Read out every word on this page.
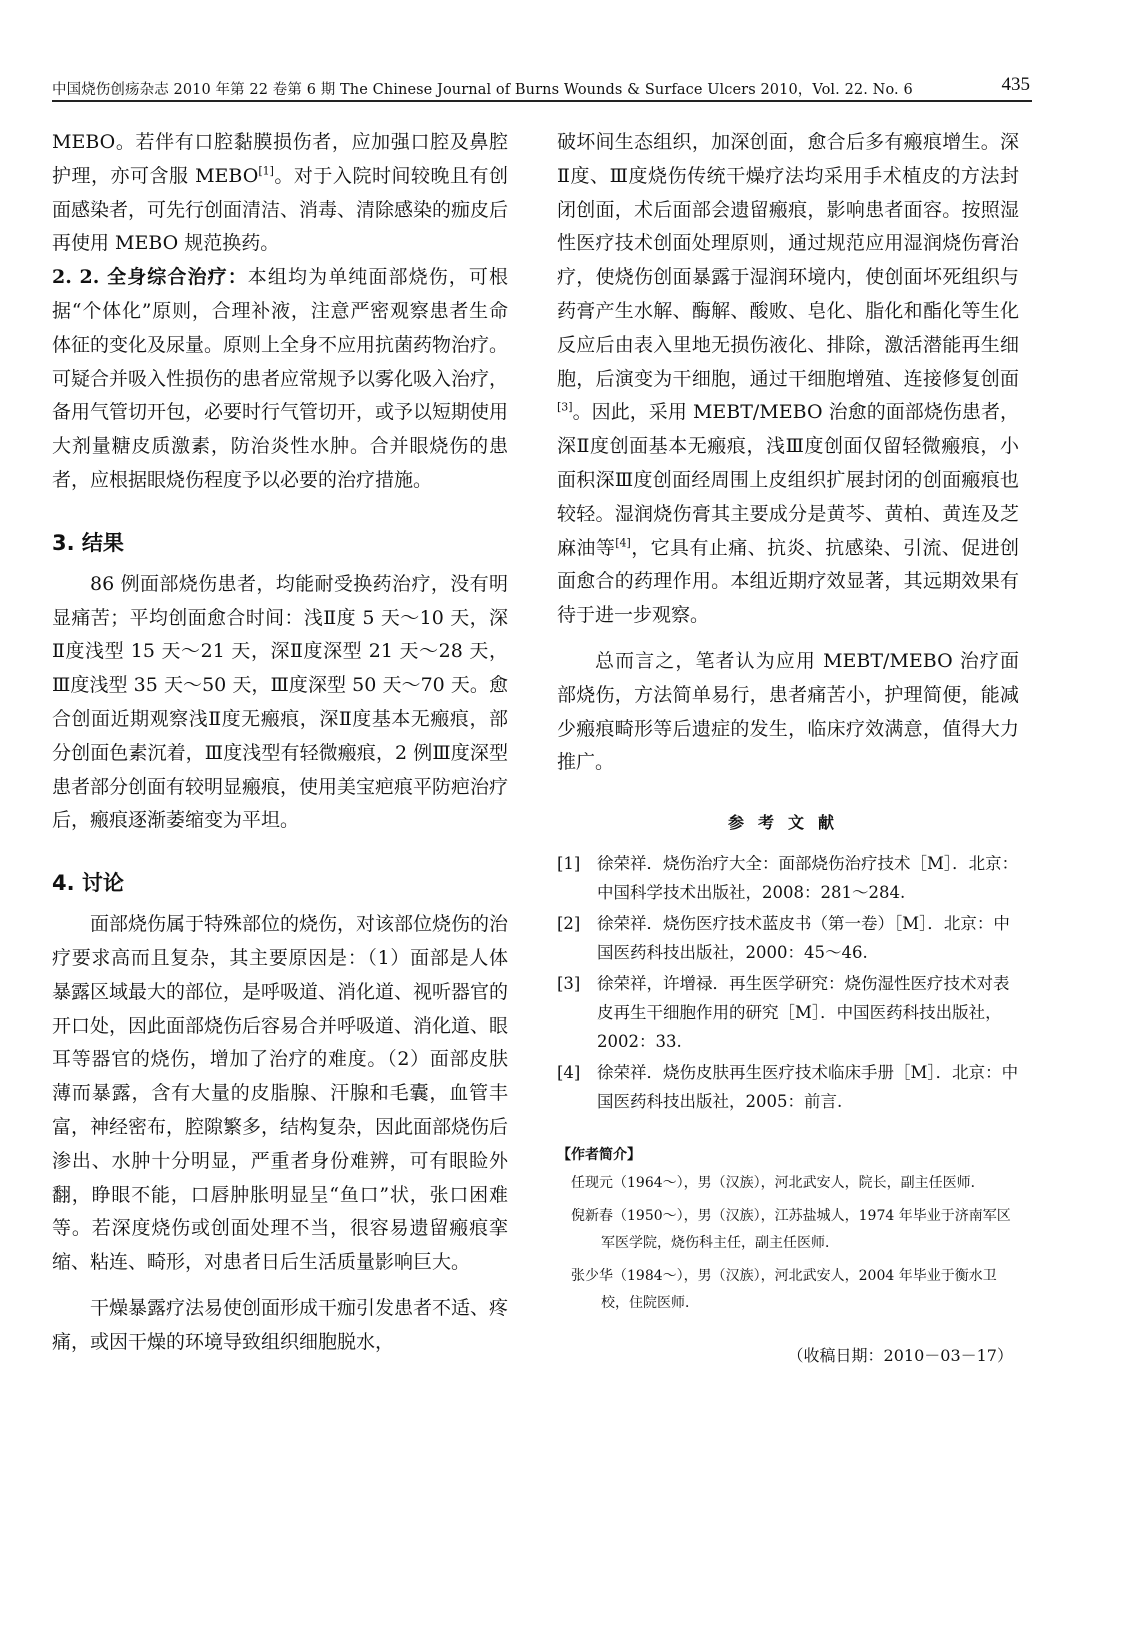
中国烧伤创疡杂志 2010 年第 22 卷第 6 期 The Chinese Journal of Burns Wounds & Surface Ulcers 2010，Vol. 22. No. 6	435

MEBO。若伴有口腔黏膜损伤者，应加强口腔及鼻腔护理，亦可含服 MEBO[1]。对于入院时间较晚且有创面感染者，可先行创面清洁、消毒、清除感染的痂皮后再使用 MEBO 规范换药。

2. 2. 全身综合治疗：本组均为单纯面部烧伤，可根据“个体化”原则，合理补液，注意严密观察患者生命体征的变化及尿量。原则上全身不应用抗菌药物治疗。可疑合并吸入性损伤的患者应常规予以雾化吸入治疗，备用气管切开包，必要时行气管切开，或予以短期使用大剂量糖皮质激素，防治炎性水肿。合并眼烧伤的患者，应根据眼烧伤程度予以必要的治疗措施。

3. 结果

86 例面部烧伤患者，均能耐受换药治疗，没有明显痛苦；平均创面愈合时间：浅Ⅱ度 5 天～10 天，深Ⅱ度浅型 15 天～21 天，深Ⅱ度深型 21 天～28 天，Ⅲ度浅型 35 天～50 天，Ⅲ度深型 50 天～70 天。愈合创面近期观察浅Ⅱ度无瘢痕，深Ⅱ度基本无瘢痕，部分创面色素沉着，Ⅲ度浅型有轻微瘢痕，2 例Ⅲ度深型患者部分创面有较明显瘢痕，使用美宝疤痕平防疤治疗后，瘢痕逐渐萎缩变为平坦。

4. 讨论

面部烧伤属于特殊部位的烧伤，对该部位烧伤的治疗要求高而且复杂，其主要原因是：（1）面部是人体暴露区域最大的部位，是呼吸道、消化道、视听器官的开口处，因此面部烧伤后容易合并呼吸道、消化道、眼耳等器官的烧伤，增加了治疗的难度。（2）面部皮肤薄而暴露，含有大量的皮脂腺、汗腺和毛囊，血管丰富，神经密布，腔隙繁多，结构复杂，因此面部烧伤后渗出、水肿十分明显，严重者身份难辨，可有眼睑外翻，睁眼不能，口唇肿胀明显呈“鱼口”状，张口困难等。若深度烧伤或创面处理不当，很容易遗留瘢痕挛缩、粘连、畸形，对患者日后生活质量影响巨大。

干燥暴露疗法易使创面形成干痂引发患者不适、疼痛，或因干燥的环境导致组织细胞脱水，

破坏间生态组织，加深创面，愈合后多有瘢痕增生。深Ⅱ度、Ⅲ度烧伤传统干燥疗法均采用手术植皮的方法封闭创面，术后面部会遗留瘢痕，影响患者面容。按照湿性医疗技术创面处理原则，通过规范应用湿润烧伤膏治疗，使烧伤创面暴露于湿润环境内，使创面坏死组织与药膏产生水解、酶解、酸败、皂化、脂化和酯化等生化反应后由表入里地无损伤液化、排除，激活潜能再生细胞，后演变为干细胞，通过干细胞增殖、连接修复创面[3]。因此，采用 MEBT/MEBO 治愈的面部烧伤患者，深Ⅱ度创面基本无瘢痕，浅Ⅲ度创面仅留轻微瘢痕，小面积深Ⅲ度创面经周围上皮组织扩展封闭的创面瘢痕也较轻。湿润烧伤膏其主要成分是黄芩、黄柏、黄连及芝麻油等[4]，它具有止痛、抗炎、抗感染、引流、促进创面愈合的药理作用。本组近期疗效显著，其远期效果有待于进一步观察。

总而言之，笔者认为应用 MEBT/MEBO 治疗面部烧伤，方法简单易行，患者痛苦小，护理简便，能减少瘢痕畸形等后遗症的发生，临床疗效满意，值得大力推广。

参考文献
[1] 徐荣祥．烧伤治疗大全：面部烧伤治疗技术［M］．北京：中国科学技术出版社，2008：281～284.
[2] 徐荣祥．烧伤医疗技术蓝皮书（第一卷）［M］．北京：中国医药科技出版社，2000：45～46.
[3] 徐荣祥，许增禄．再生医学研究：烧伤湿性医疗技术对表皮再生干细胞作用的研究［M］．中国医药科技出版社，2002：33.
[4] 徐荣祥．烧伤皮肤再生医疗技术临床手册［M］．北京：中国医药科技出版社，2005：前言.
【作者简介】
任现元（1964～），男（汉族），河北武安人，院长，副主任医师．
倪新春（1950～），男（汉族），江苏盐城人，1974 年毕业于济南军区军医学院，烧伤科主任，副主任医师．
张少华（1984～），男（汉族），河北武安人，2004 年毕业于衡水卫校，住院医师．
（收稿日期：2010－03－17）
